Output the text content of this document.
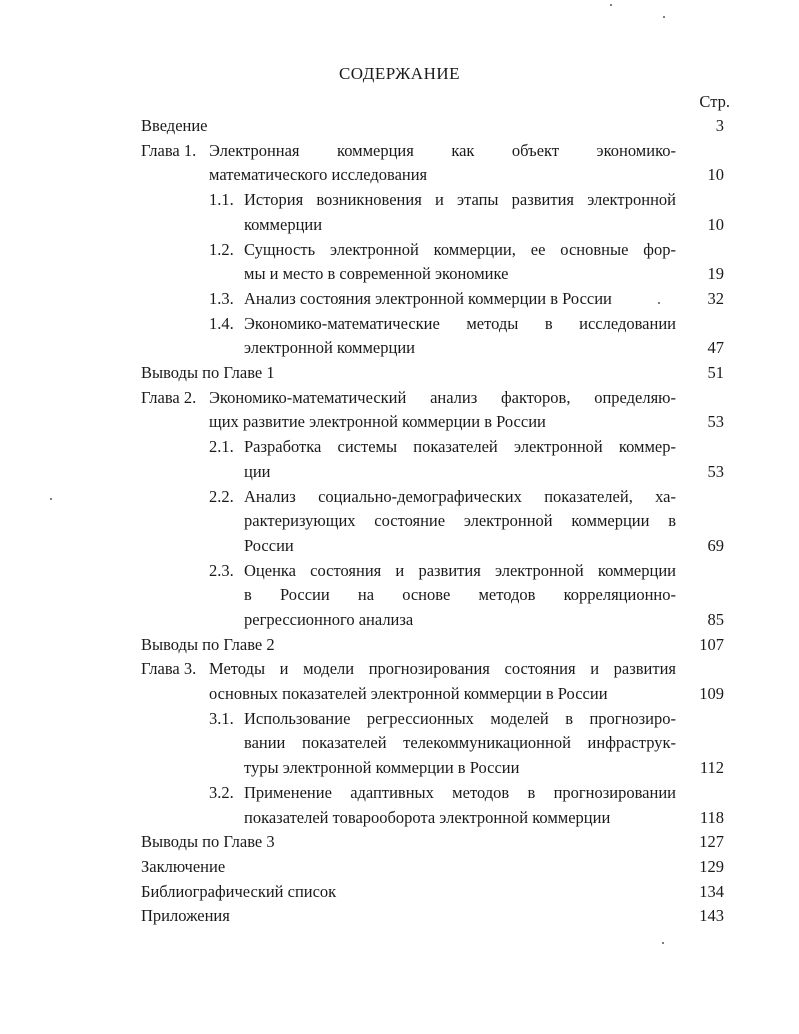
СОДЕРЖАНИЕ
Стр.
Введение	3
Глава 1. Электронная коммерция как объект экономико-
математического исследования	10
1.1. История возникновения и этапы развития электронной
коммерции	10
1.2. Сущность электронной коммерции, ее основные фор-
мы и место в современной экономике	19
1.3. Анализ состояния электронной коммерции в России	32
1.4. Экономико-математические методы в исследовании
электронной коммерции	47
Выводы по Главе 1	51
Глава 2. Экономико-математический анализ факторов, определяю-
щих развитие электронной коммерции в России	53
2.1. Разработка системы показателей электронной коммер-
ции	53
2.2. Анализ социально-демографических показателей, ха-
рактеризующих состояние электронной коммерции в
России	69
2.3. Оценка состояния и развития электронной коммерции
в России на основе методов корреляционно-
регрессионного анализа	85
Выводы по Главе 2	107
Глава 3. Методы и модели прогнозирования состояния и развития
основных показателей электронной коммерции в России	109
3.1. Использование регрессионных моделей в прогнозиро-
вании показателей телекоммуникационной инфраструк-
туры электронной коммерции в России	112
3.2. Применение адаптивных методов в прогнозировании
показателей товарооборота электронной коммерции	118
Выводы по Главе 3	127
Заключение	129
Библиографический список	134
Приложения	143
